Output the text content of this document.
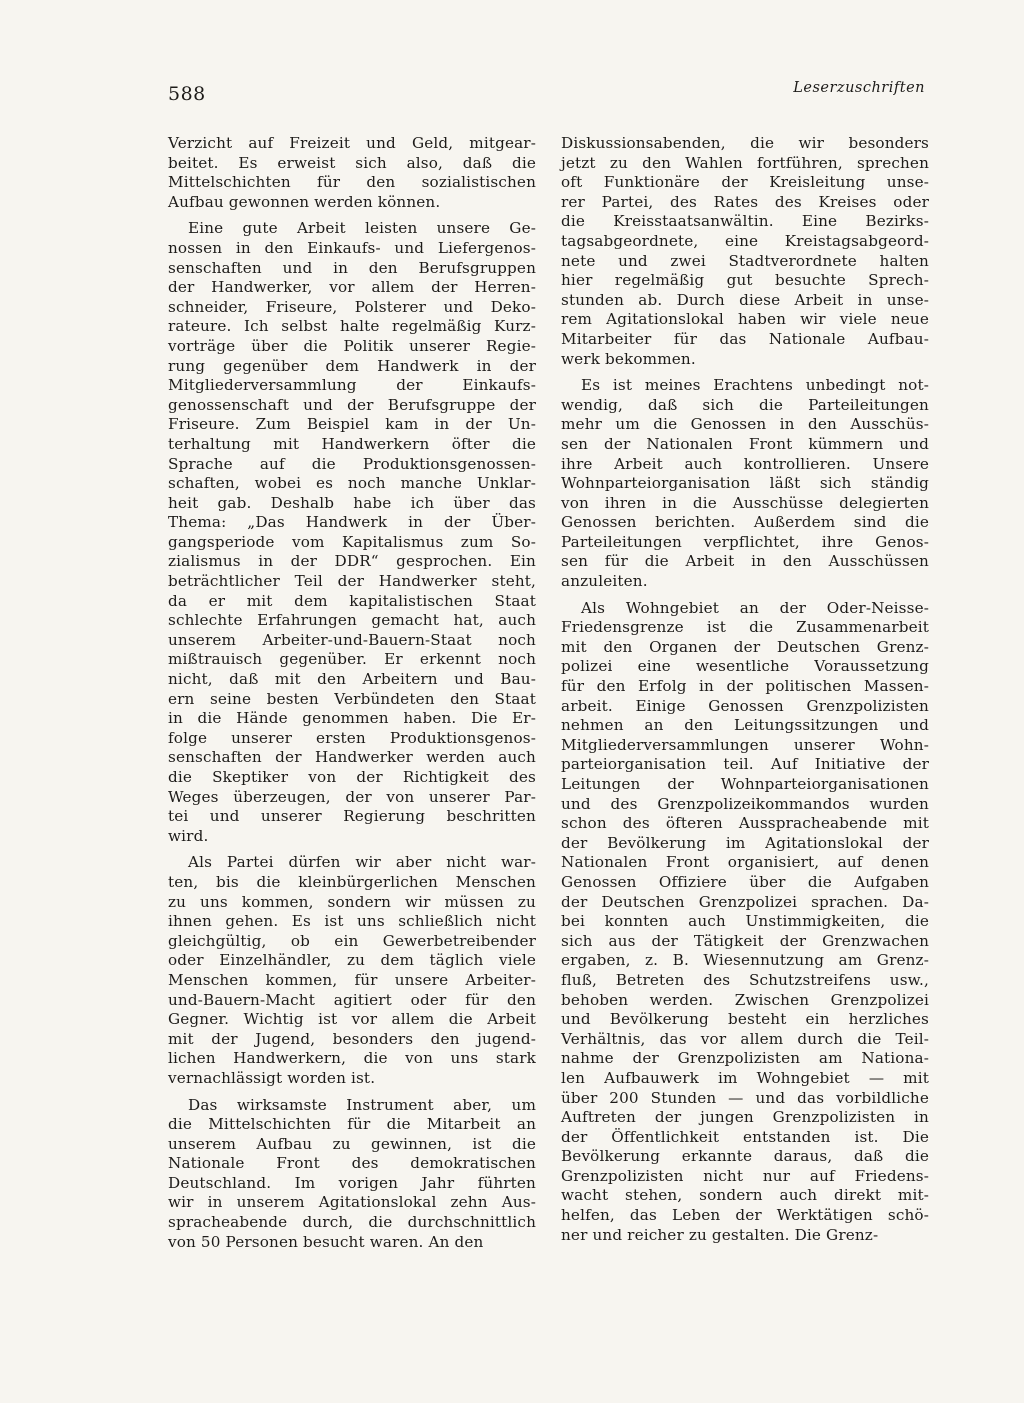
588	Leserzuschriften

Verzicht auf Freizeit und Geld, mitgear-
beitet. Es erweist sich also, daß die
Mittelschichten für den sozialistischen
Aufbau gewonnen werden können.

Eine gute Arbeit leisten unsere Ge-
nossen in den Einkaufs- und Liefergenos-
senschaften und in den Berufsgruppen
der Handwerker, vor allem der Herren-
schneider, Friseure, Polsterer und Deko-
rateure. Ich selbst halte regelmäßig Kurz-
vorträge über die Politik unserer Regie-
rung gegenüber dem Handwerk in der
Mitgliederversammlung der Einkaufs-
genossenschaft und der Berufsgruppe der
Friseure. Zum Beispiel kam in der Un-
terhaltung mit Handwerkern öfter die
Sprache auf die Produktionsgenossen-
schaften, wobei es noch manche Unklar-
heit gab. Deshalb habe ich über das
Thema: „Das Handwerk in der Über-
gangsperiode vom Kapitalismus zum So-
zialismus in der DDR“ gesprochen. Ein
beträchtlicher Teil der Handwerker steht,
da er mit dem kapitalistischen Staat
schlechte Erfahrungen gemacht hat, auch
unserem Arbeiter-und-Bauern-Staat noch
mißtrauisch gegenüber. Er erkennt noch
nicht, daß mit den Arbeitern und Bau-
ern seine besten Verbündeten den Staat
in die Hände genommen haben. Die Er-
folge unserer ersten Produktionsgenos-
senschaften der Handwerker werden auch
die Skeptiker von der Richtigkeit des
Weges überzeugen, der von unserer Par-
tei und unserer Regierung beschritten
wird.

Als Partei dürfen wir aber nicht war-
ten, bis die kleinbürgerlichen Menschen
zu uns kommen, sondern wir müssen zu
ihnen gehen. Es ist uns schließlich nicht
gleichgültig, ob ein Gewerbetreibender
oder Einzelhändler, zu dem täglich viele
Menschen kommen, für unsere Arbeiter-
und-Bauern-Macht agitiert oder für den
Gegner. Wichtig ist vor allem die Arbeit
mit der Jugend, besonders den jugend-
lichen Handwerkern, die von uns stark
vernachlässigt worden ist.

Das wirksamste Instrument aber, um
die Mittelschichten für die Mitarbeit an
unserem Aufbau zu gewinnen, ist die
Nationale Front des demokratischen
Deutschland. Im vorigen Jahr führten
wir in unserem Agitationslokal zehn Aus-
spracheabende durch, die durchschnittlich
von 50 Personen besucht waren. An den

Diskussionsabenden, die wir besonders
jetzt zu den Wahlen fortführen, sprechen
oft Funktionäre der Kreisleitung unse-
rer Partei, des Rates des Kreises oder
die Kreisstaatsanwältin. Eine Bezirks-
tagsabgeordnete, eine Kreistagsabgeord-
nete und zwei Stadtverordnete halten
hier regelmäßig gut besuchte Sprech-
stunden ab. Durch diese Arbeit in unse-
rem Agitationslokal haben wir viele neue
Mitarbeiter für das Nationale Aufbau-
werk bekommen.

Es ist meines Erachtens unbedingt not-
wendig, daß sich die Parteileitungen
mehr um die Genossen in den Ausschüs-
sen der Nationalen Front kümmern und
ihre Arbeit auch kontrollieren. Unsere
Wohnparteiorganisation läßt sich ständig
von ihren in die Ausschüsse delegierten
Genossen berichten. Außerdem sind die
Parteileitungen verpflichtet, ihre Genos-
sen für die Arbeit in den Ausschüssen
anzuleiten.

Als Wohngebiet an der Oder-Neisse-
Friedensgrenze ist die Zusammenarbeit
mit den Organen der Deutschen Grenz-
polizei eine wesentliche Voraussetzung
für den Erfolg in der politischen Massen-
arbeit. Einige Genossen Grenzpolizisten
nehmen an den Leitungssitzungen und
Mitgliederversammlungen unserer Wohn-
parteiorganisation teil. Auf Initiative der
Leitungen der Wohnparteiorganisationen
und des Grenzpolizeikommandos wurden
schon des öfteren Ausspracheabende mit
der Bevölkerung im Agitationslokal der
Nationalen Front organisiert, auf denen
Genossen Offiziere über die Aufgaben
der Deutschen Grenzpolizei sprachen. Da-
bei konnten auch Unstimmigkeiten, die
sich aus der Tätigkeit der Grenzwachen
ergaben, z. B. Wiesennutzung am Grenz-
fluß, Betreten des Schutzstreifens usw.,
behoben werden. Zwischen Grenzpolizei
und Bevölkerung besteht ein herzliches
Verhältnis, das vor allem durch die Teil-
nahme der Grenzpolizisten am Nationa-
len Aufbauwerk im Wohngebiet — mit
über 200 Stunden — und das vorbildliche
Auftreten der jungen Grenzpolizisten in
der Öffentlichkeit entstanden ist. Die
Bevölkerung erkannte daraus, daß die
Grenzpolizisten nicht nur auf Friedens-
wacht stehen, sondern auch direkt mit-
helfen, das Leben der Werktätigen schö-
ner und reicher zu gestalten. Die Grenz-
